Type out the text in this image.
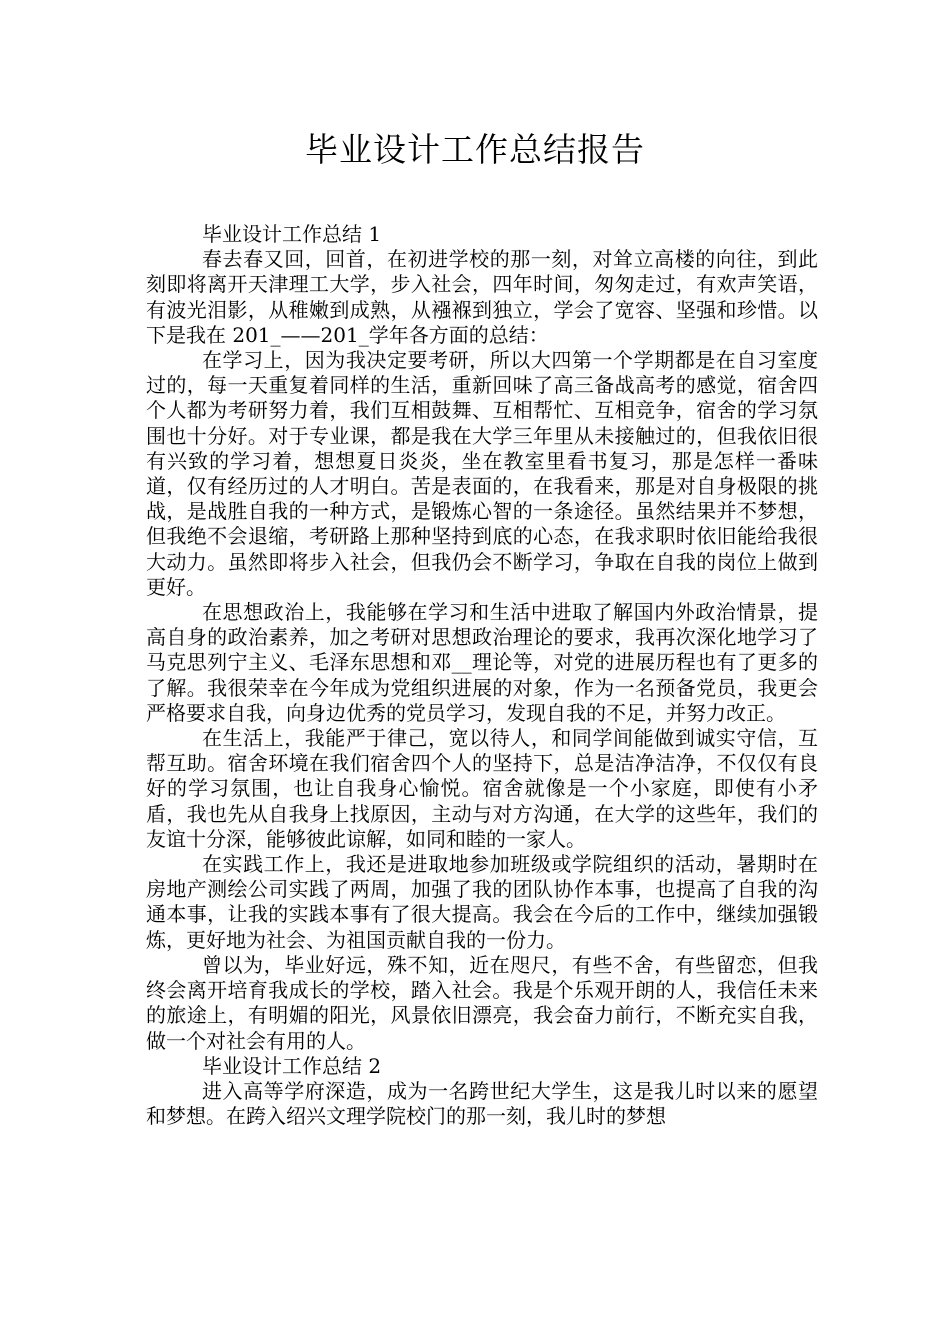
毕业设计工作总结报告

毕业设计工作总结 1

春去春又回，回首，在初进学校的那一刻，对耸立高楼的向往，到此刻即将离开天津理工大学，步入社会，四年时间，匆匆走过，有欢声笑语，有波光泪影，从稚嫩到成熟，从襁褓到独立，学会了宽容、坚强和珍惜。以下是我在 201_——201_学年各方面的总结：

在学习上，因为我决定要考研，所以大四第一个学期都是在自习室度过的，每一天重复着同样的生活，重新回味了高三备战高考的感觉，宿舍四个人都为考研努力着，我们互相鼓舞、互相帮忙、互相竞争，宿舍的学习氛围也十分好。对于专业课，都是我在大学三年里从未接触过的，但我依旧很有兴致的学习着，想想夏日炎炎，坐在教室里看书复习，那是怎样一番味道，仅有经历过的人才明白。苦是表面的，在我看来，那是对自身极限的挑战，是战胜自我的一种方式，是锻炼心智的一条途径。虽然结果并不梦想，但我绝不会退缩，考研路上那种坚持到底的心态，在我求职时依旧能给我很大动力。虽然即将步入社会，但我仍会不断学习，争取在自我的岗位上做到更好。

在思想政治上，我能够在学习和生活中进取了解国内外政治情景，提高自身的政治素养，加之考研对思想政治理论的要求，我再次深化地学习了马克思列宁主义、毛泽东思想和邓__理论等，对党的进展历程也有了更多的了解。我很荣幸在今年成为党组织进展的对象，作为一名预备党员，我更会严格要求自我，向身边优秀的党员学习，发现自我的不足，并努力改正。

在生活上，我能严于律己，宽以待人，和同学间能做到诚实守信，互帮互助。宿舍环境在我们宿舍四个人的坚持下，总是洁净洁净，不仅仅有良好的学习氛围，也让自我身心愉悦。宿舍就像是一个小家庭，即使有小矛盾，我也先从自我身上找原因，主动与对方沟通，在大学的这些年，我们的友谊十分深，能够彼此谅解，如同和睦的一家人。

在实践工作上，我还是进取地参加班级或学院组织的活动，暑期时在房地产测绘公司实践了两周，加强了我的团队协作本事，也提高了自我的沟通本事，让我的实践本事有了很大提高。我会在今后的工作中，继续加强锻炼，更好地为社会、为祖国贡献自我的一份力。

曾以为，毕业好远，殊不知，近在咫尺，有些不舍，有些留恋，但我终会离开培育我成长的学校，踏入社会。我是个乐观开朗的人，我信任未来的旅途上，有明媚的阳光，风景依旧漂亮，我会奋力前行，不断充实自我，做一个对社会有用的人。

毕业设计工作总结 2

进入高等学府深造，成为一名跨世纪大学生，这是我儿时以来的愿望和梦想。在跨入绍兴文理学院校门的那一刻，我儿时的梦想
